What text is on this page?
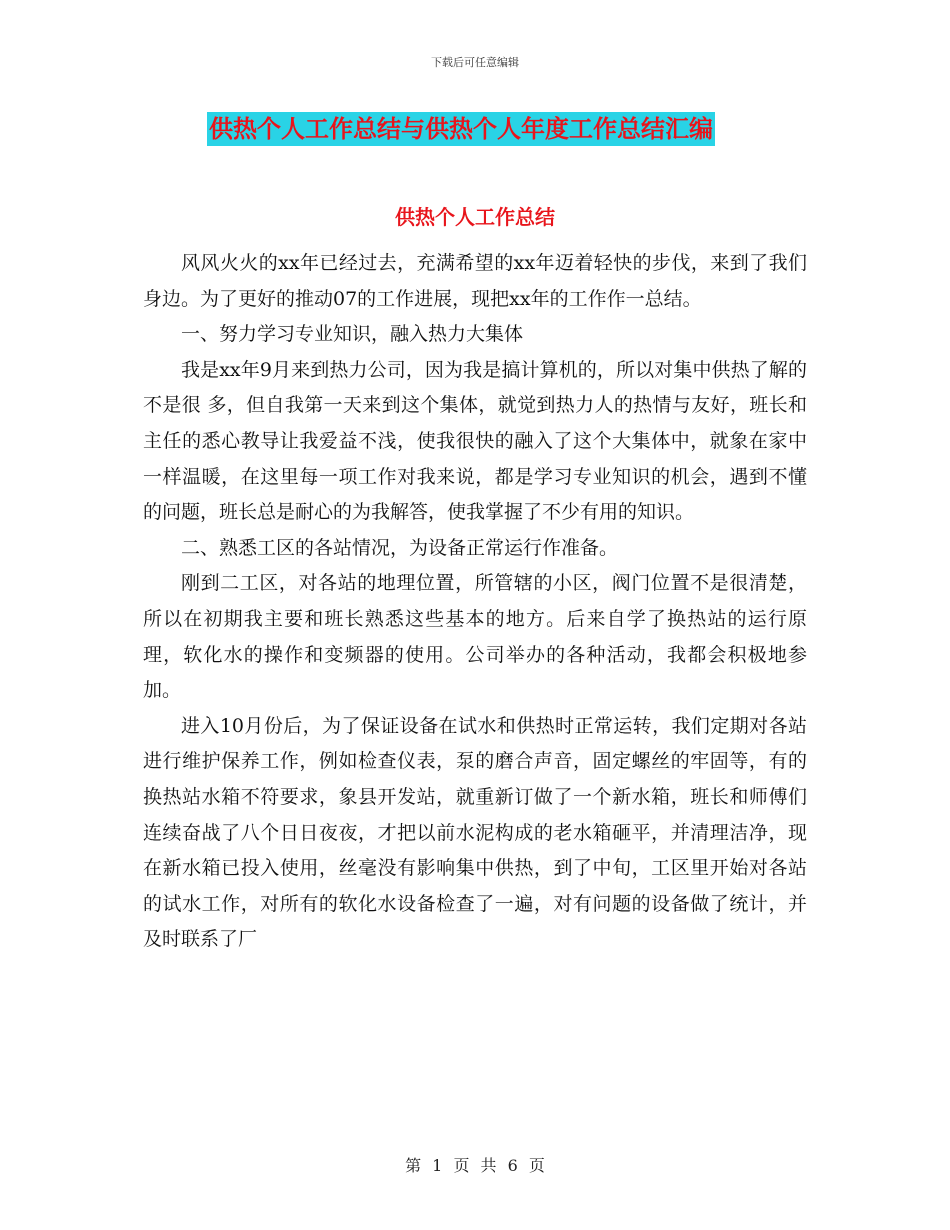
下载后可任意编辑
供热个人工作总结与供热个人年度工作总结汇编
供热个人工作总结

风风火火的xx年已经过去，充满希望的xx年迈着轻快的步伐，来到了我们身边。为了更好的推动07的工作进展，现把xx年的工作作一总结。

一、努力学习专业知识，融入热力大集体

我是xx年9月来到热力公司，因为我是搞计算机的，所以对集中供热了解的不是很 多，但自我第一天来到这个集体，就觉到热力人的热情与友好，班长和主任的悉心教导让我爱益不浅，使我很快的融入了这个大集体中，就象在家中一样温暖，在这里每一项工作对我来说，都是学习专业知识的机会，遇到不懂的问题，班长总是耐心的为我解答，使我掌握了不少有用的知识。

二、熟悉工区的各站情况，为设备正常运行作准备。

刚到二工区，对各站的地理位置，所管辖的小区，阀门位置不是很清楚，所以在初期我主要和班长熟悉这些基本的地方。后来自学了换热站的运行原理，软化水的操作和变频器的使用。公司举办的各种活动，我都会积极地参加。

进入10月份后，为了保证设备在试水和供热时正常运转，我们定期对各站进行维护保养工作，例如检查仪表，泵的磨合声音，固定螺丝的牢固等，有的换热站水箱不符要求，象县开发站，就重新订做了一个新水箱，班长和师傅们连续奋战了八个日日夜夜，才把以前水泥构成的老水箱砸平，并清理洁净，现在新水箱已投入使用，丝毫没有影响集中供热，到了中旬，工区里开始对各站的试水工作，对所有的软化水设备检查了一遍，对有问题的设备做了统计，并及时联系了厂

第 1 页 共 6 页
